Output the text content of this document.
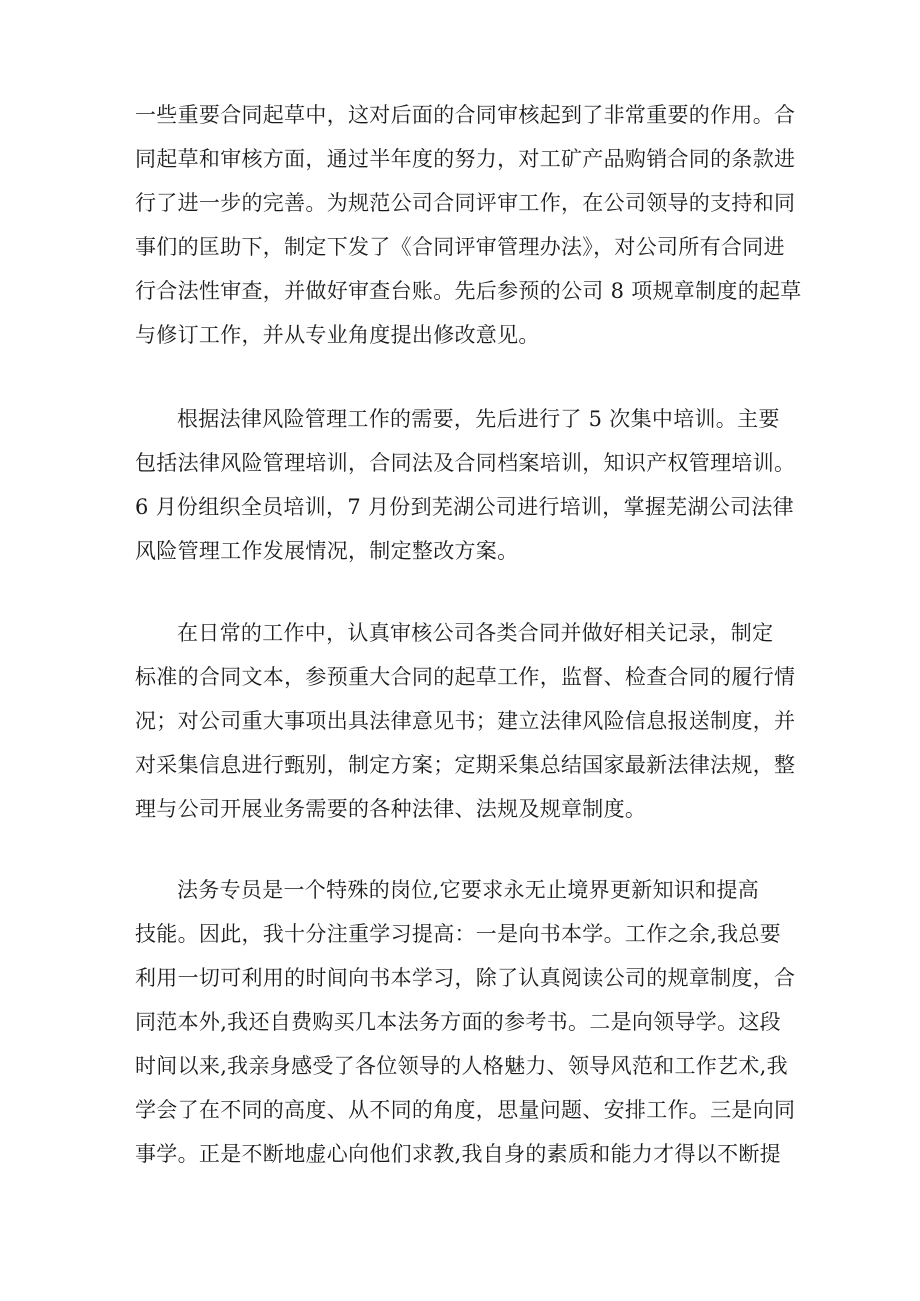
一些重要合同起草中，这对后面的合同审核起到了非常重要的作用。合
同起草和审核方面，通过半年度的努力，对工矿产品购销合同的条款进
行了进一步的完善。为规范公司合同评审工作，在公司领导的支持和同
事们的匡助下，制定下发了《合同评审管理办法》，对公司所有合同进
行合法性审查，并做好审查台账。先后参预的公司 8 项规章制度的起草
与修订工作，并从专业角度提出修改意见。
根据法律风险管理工作的需要，先后进行了 5 次集中培训。主要
包括法律风险管理培训，合同法及合同档案培训，知识产权管理培训。
6 月份组织全员培训，7 月份到芜湖公司进行培训，掌握芜湖公司法律
风险管理工作发展情况，制定整改方案。
在日常的工作中，认真审核公司各类合同并做好相关记录，制定
标准的合同文本，参预重大合同的起草工作，监督、检查合同的履行情
况；对公司重大事项出具法律意见书；建立法律风险信息报送制度，并
对采集信息进行甄别，制定方案；定期采集总结国家最新法律法规，整
理与公司开展业务需要的各种法律、法规及规章制度。
法务专员是一个特殊的岗位,它要求永无止境界更新知识和提高
技能。因此，我十分注重学习提高：一是向书本学。工作之余,我总要
利用一切可利用的时间向书本学习，除了认真阅读公司的规章制度，合
同范本外,我还自费购买几本法务方面的参考书。二是向领导学。这段
时间以来,我亲身感受了各位领导的人格魅力、领导风范和工作艺术,我
学会了在不同的高度、从不同的角度，思量问题、安排工作。三是向同
事学。正是不断地虚心向他们求教,我自身的素质和能力才得以不断提
